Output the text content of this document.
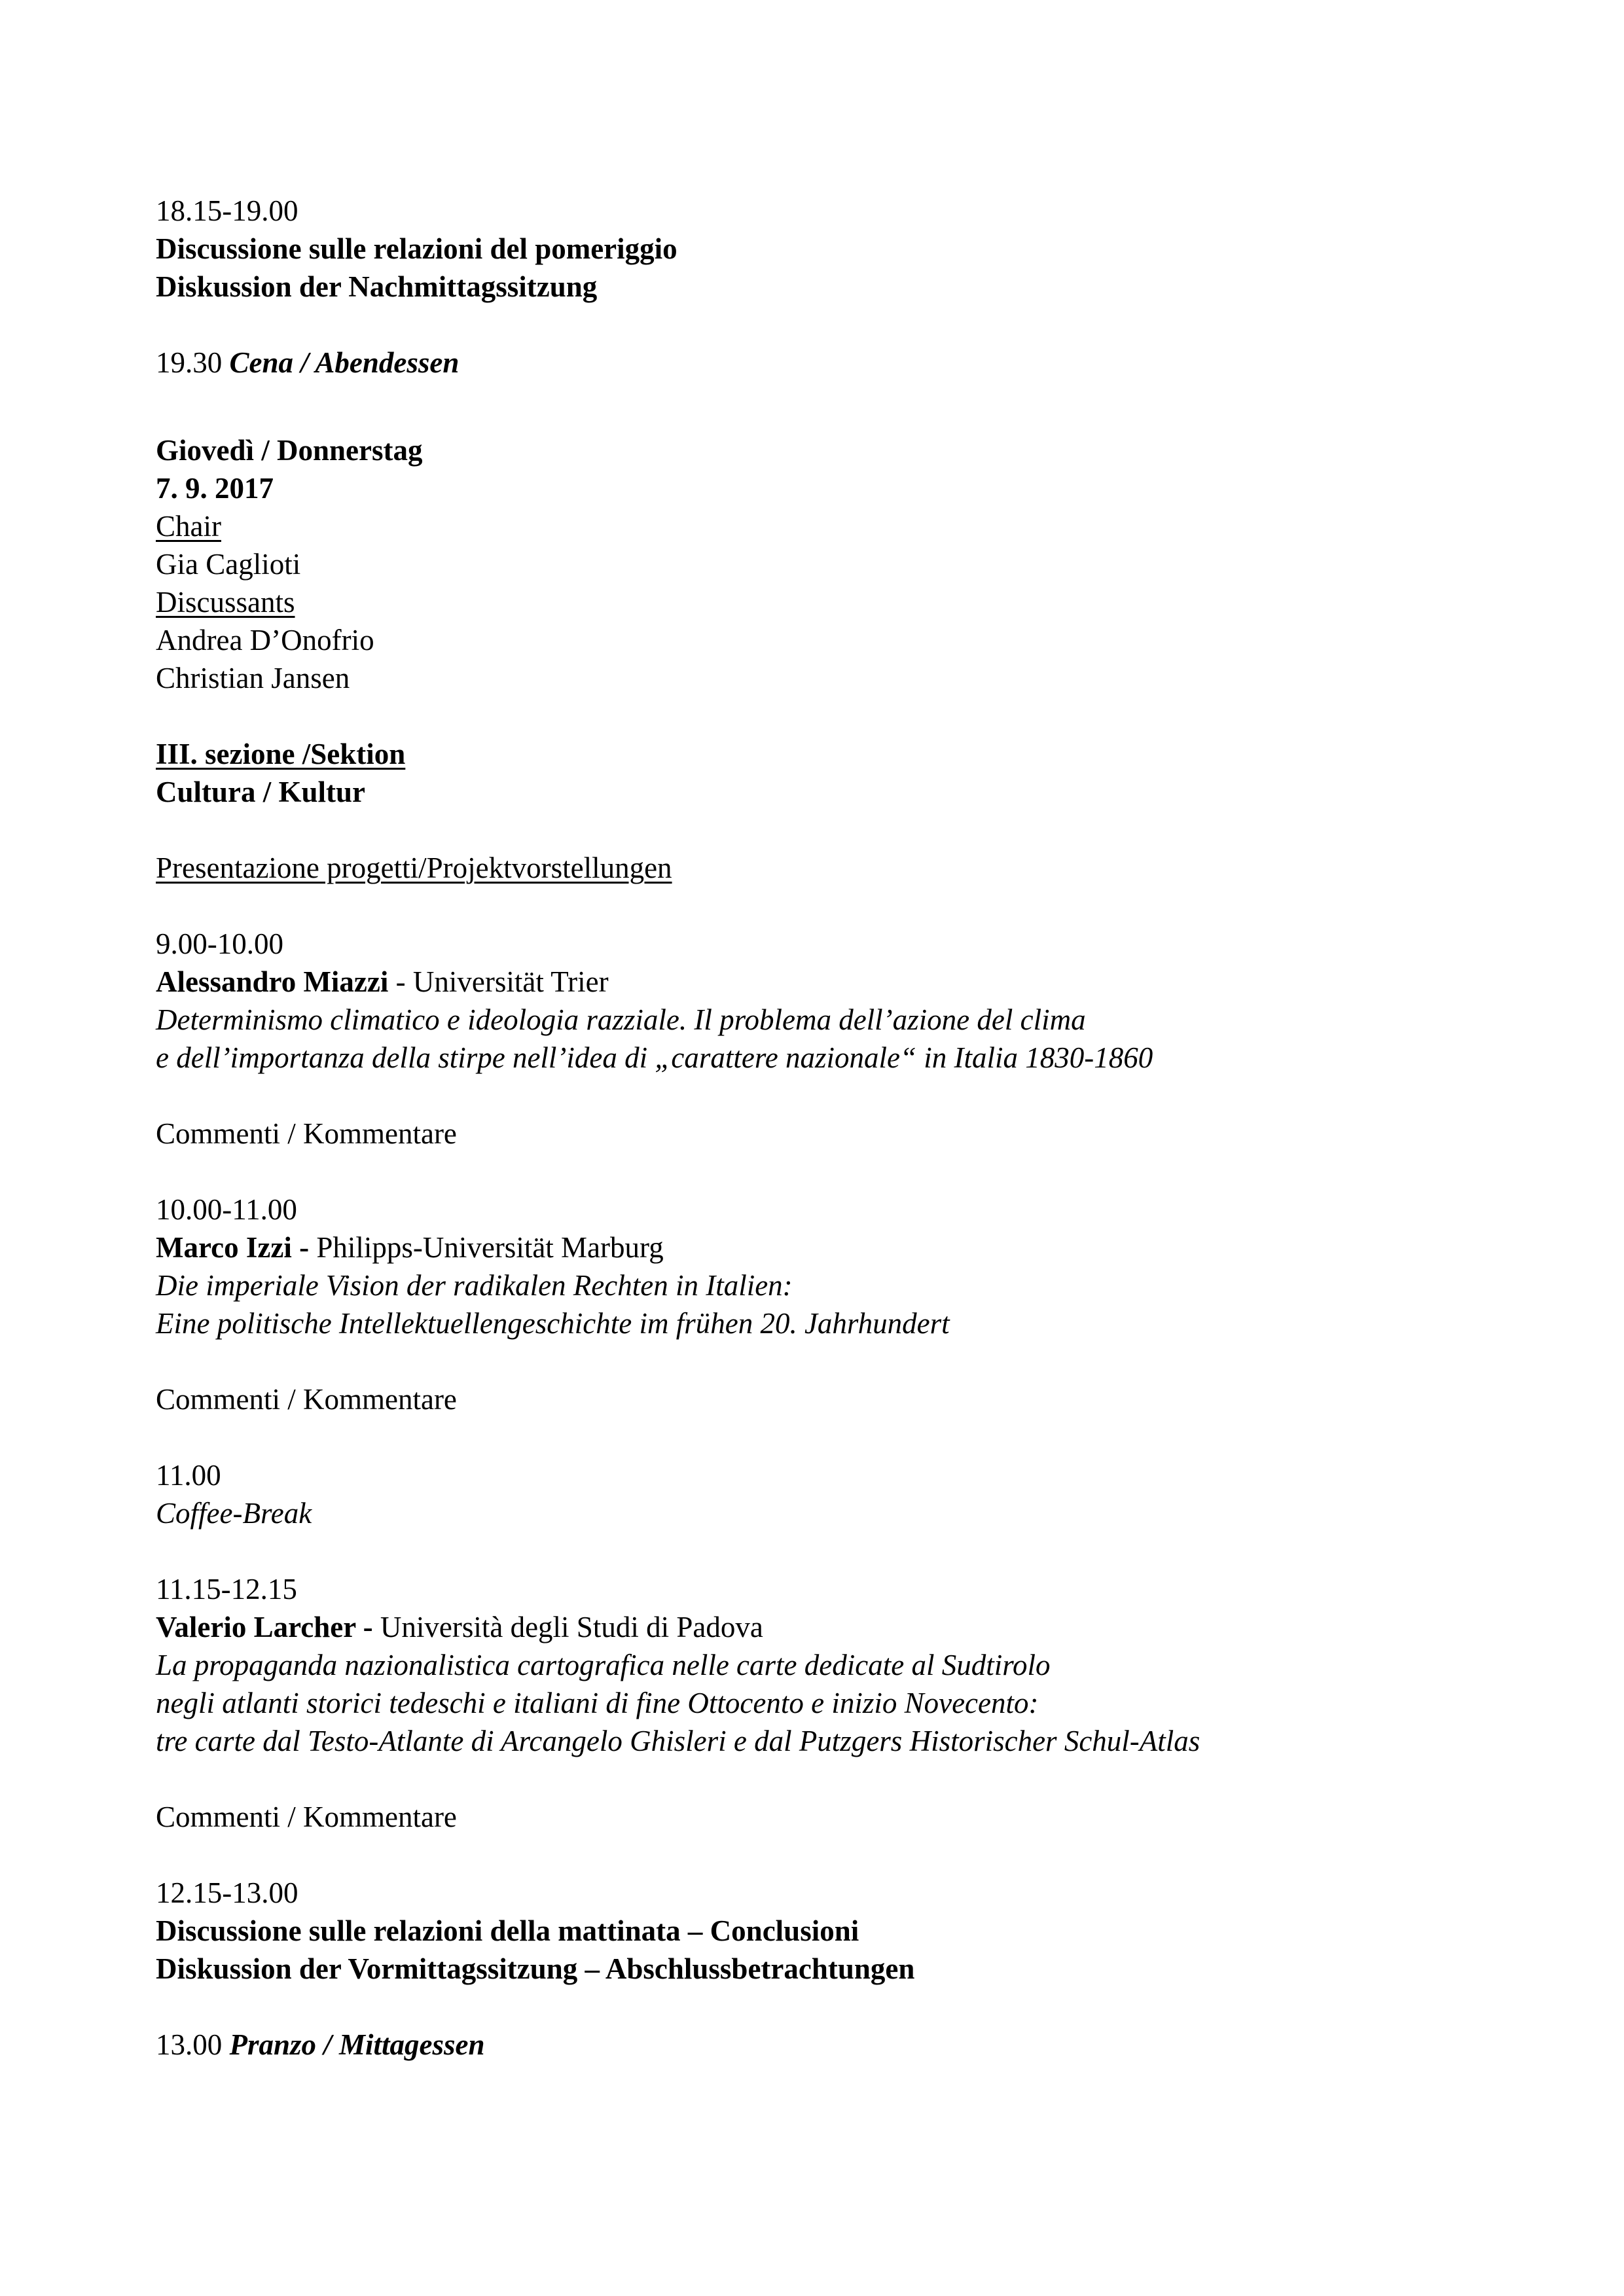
18.15-19.00
Discussione sulle relazioni del pomeriggio
Diskussion der Nachmittagssitzung
19.30 Cena / Abendessen
Giovedì / Donnerstag
7. 9. 2017
Chair
Gia Caglioti
Discussants
Andrea D’Onofrio
Christian Jansen
III. sezione /Sektion
Cultura / Kultur
Presentazione progetti/Projektvorstellungen
9.00-10.00
Alessandro Miazzi - Universität Trier
Determinismo climatico e ideologia razziale. Il problema dell’azione del clima
e dell’importanza della stirpe nell’idea di „carattere nazionale“ in Italia 1830-1860
Commenti / Kommentare
10.00-11.00
Marco Izzi - Philipps-Universität Marburg
Die imperiale Vision der radikalen Rechten in Italien:
Eine politische Intellektuellengeschichte im frühen 20. Jahrhundert
Commenti / Kommentare
11.00
Coffee-Break
11.15-12.15
Valerio Larcher - Università degli Studi di Padova
La propaganda nazionalistica cartografica nelle carte dedicate al Sudtirolo
negli atlanti storici tedeschi e italiani di fine Ottocento e inizio Novecento:
tre carte dal Testo-Atlante di Arcangelo Ghisleri e dal Putzgers Historischer Schul-Atlas
Commenti / Kommentare
12.15-13.00
Discussione sulle relazioni della mattinata – Conclusioni
Diskussion der Vormittagssitzung – Abschlussbetrachtungen
13.00 Pranzo / Mittagessen
